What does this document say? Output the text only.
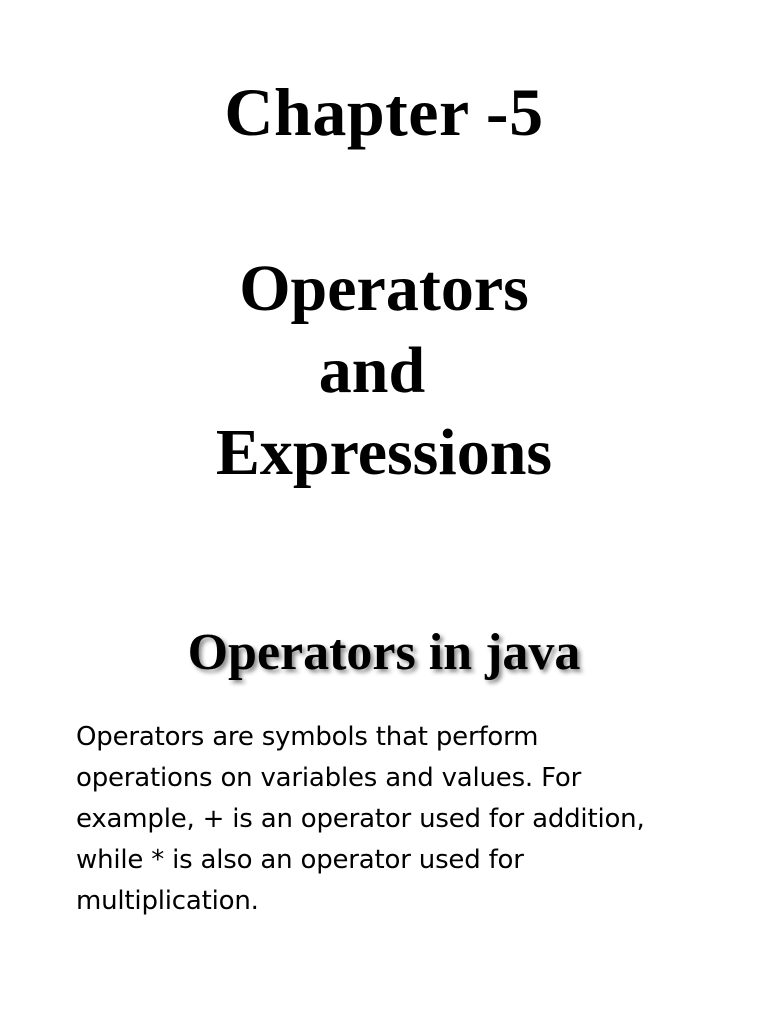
Chapter -5
Operators
and
Expressions
Operators in java

Operators are symbols that perform
operations on variables and values. For
example, + is an operator used for addition,
while * is also an operator used for
multiplication.
